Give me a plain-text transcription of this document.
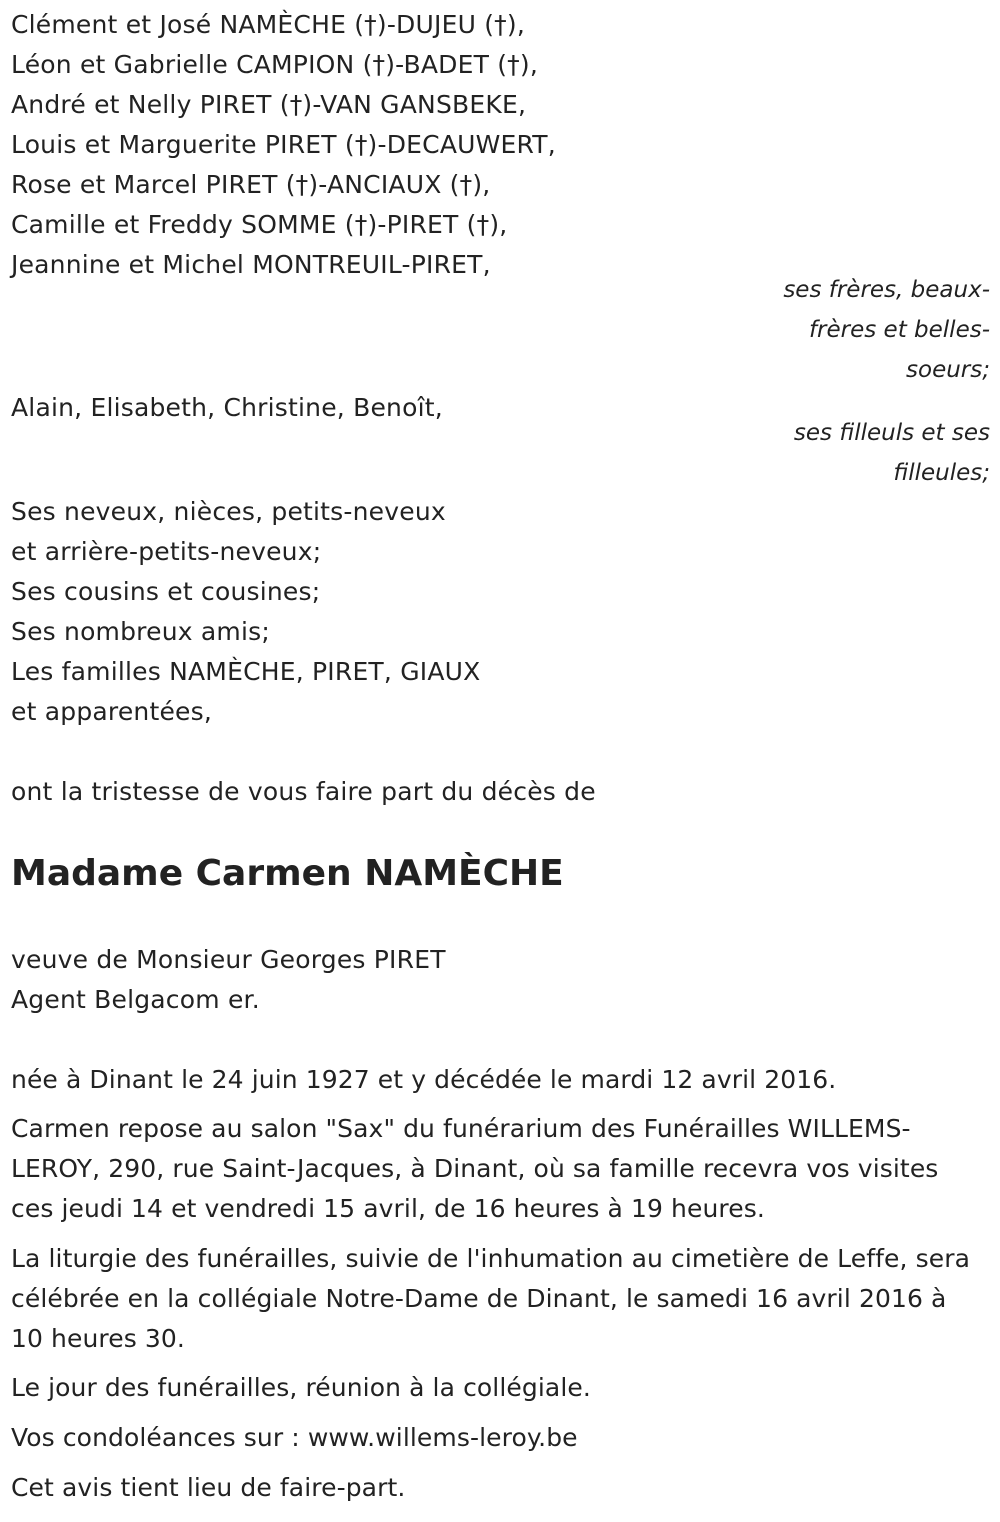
Clément et José NAMÈCHE (†)-DUJEU (†),
Léon et Gabrielle CAMPION (†)-BADET (†),
André et Nelly PIRET (†)-VAN GANSBEKE,
Louis et Marguerite PIRET (†)-DECAUWERT,
Rose et Marcel PIRET (†)-ANCIAUX (†),
Camille et Freddy SOMME (†)-PIRET (†),
Jeannine et Michel MONTREUIL-PIRET,
ses frères, beaux-
frères et belles-
soeurs;
Alain, Elisabeth, Christine, Benoît,
ses filleuls et ses
filleules;
Ses neveux, nièces, petits-neveux
et arrière-petits-neveux;
Ses cousins et cousines;
Ses nombreux amis;
Les familles NAMÈCHE, PIRET, GIAUX
et apparentées,
ont la tristesse de vous faire part du décès de
Madame Carmen NAMÈCHE
veuve de Monsieur Georges PIRET
Agent Belgacom er.
née à Dinant le 24 juin 1927 et y décédée le mardi 12 avril 2016.
Carmen repose au salon "Sax" du funérarium des Funérailles WILLEMS-LEROY, 290, rue Saint-Jacques, à Dinant, où sa famille recevra vos visites ces jeudi 14 et vendredi 15 avril, de 16 heures à 19 heures.
La liturgie des funérailles, suivie de l'inhumation au cimetière de Leffe, sera célébrée en la collégiale Notre-Dame de Dinant, le samedi 16 avril 2016 à 10 heures 30.
Le jour des funérailles, réunion à la collégiale.
Vos condoléances sur : www.willems-leroy.be
Cet avis tient lieu de faire-part.
